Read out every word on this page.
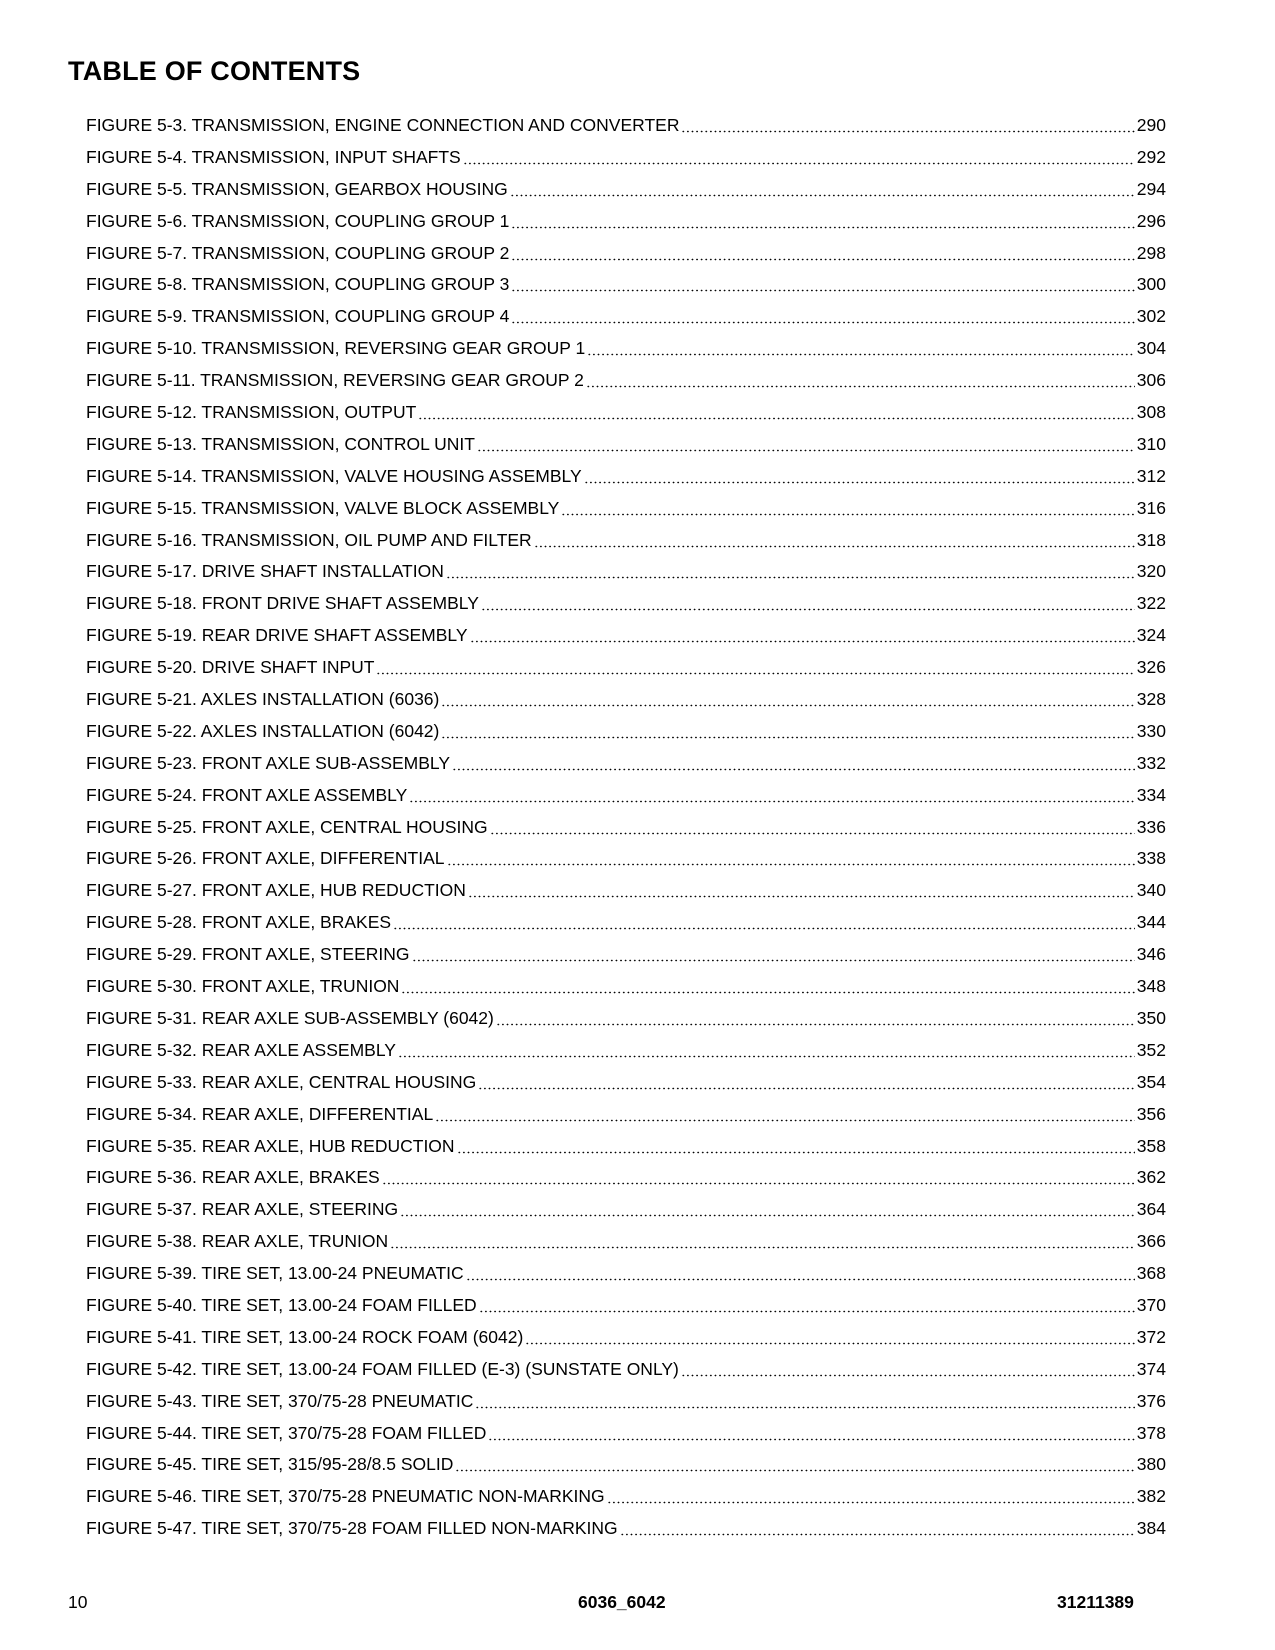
TABLE OF CONTENTS
FIGURE 5-3. TRANSMISSION, ENGINE CONNECTION AND CONVERTER	290
FIGURE 5-4. TRANSMISSION, INPUT SHAFTS	292
FIGURE 5-5. TRANSMISSION, GEARBOX HOUSING	294
FIGURE 5-6. TRANSMISSION, COUPLING GROUP 1	296
FIGURE 5-7. TRANSMISSION, COUPLING GROUP 2	298
FIGURE 5-8. TRANSMISSION, COUPLING GROUP 3	300
FIGURE 5-9. TRANSMISSION, COUPLING GROUP 4	302
FIGURE 5-10. TRANSMISSION, REVERSING GEAR GROUP 1	304
FIGURE 5-11. TRANSMISSION, REVERSING GEAR GROUP 2	306
FIGURE 5-12. TRANSMISSION, OUTPUT	308
FIGURE 5-13. TRANSMISSION, CONTROL UNIT	310
FIGURE 5-14. TRANSMISSION, VALVE HOUSING ASSEMBLY	312
FIGURE 5-15. TRANSMISSION, VALVE BLOCK ASSEMBLY	316
FIGURE 5-16. TRANSMISSION, OIL PUMP AND FILTER	318
FIGURE 5-17. DRIVE SHAFT INSTALLATION	320
FIGURE 5-18. FRONT DRIVE SHAFT ASSEMBLY	322
FIGURE 5-19. REAR DRIVE SHAFT ASSEMBLY	324
FIGURE 5-20. DRIVE SHAFT INPUT	326
FIGURE 5-21. AXLES INSTALLATION (6036)	328
FIGURE 5-22. AXLES INSTALLATION (6042)	330
FIGURE 5-23. FRONT AXLE SUB-ASSEMBLY	332
FIGURE 5-24. FRONT AXLE ASSEMBLY	334
FIGURE 5-25. FRONT AXLE, CENTRAL HOUSING	336
FIGURE 5-26. FRONT AXLE, DIFFERENTIAL	338
FIGURE 5-27. FRONT AXLE, HUB REDUCTION	340
FIGURE 5-28. FRONT AXLE, BRAKES	344
FIGURE 5-29. FRONT AXLE, STEERING	346
FIGURE 5-30. FRONT AXLE, TRUNION	348
FIGURE 5-31. REAR AXLE SUB-ASSEMBLY (6042)	350
FIGURE 5-32. REAR AXLE ASSEMBLY	352
FIGURE 5-33. REAR AXLE, CENTRAL HOUSING	354
FIGURE 5-34. REAR AXLE, DIFFERENTIAL	356
FIGURE 5-35. REAR AXLE, HUB REDUCTION	358
FIGURE 5-36. REAR AXLE, BRAKES	362
FIGURE 5-37. REAR AXLE, STEERING	364
FIGURE 5-38. REAR AXLE, TRUNION	366
FIGURE 5-39. TIRE SET, 13.00-24 PNEUMATIC	368
FIGURE 5-40. TIRE SET, 13.00-24 FOAM FILLED	370
FIGURE 5-41. TIRE SET, 13.00-24 ROCK FOAM (6042)	372
FIGURE 5-42. TIRE SET, 13.00-24 FOAM FILLED (E-3) (SUNSTATE ONLY)	374
FIGURE 5-43. TIRE SET, 370/75-28 PNEUMATIC	376
FIGURE 5-44. TIRE SET, 370/75-28 FOAM FILLED	378
FIGURE 5-45. TIRE SET, 315/95-28/8.5 SOLID	380
FIGURE 5-46. TIRE SET, 370/75-28 PNEUMATIC NON-MARKING	382
FIGURE 5-47. TIRE SET, 370/75-28 FOAM FILLED NON-MARKING	384
10	6036_6042	31211389
